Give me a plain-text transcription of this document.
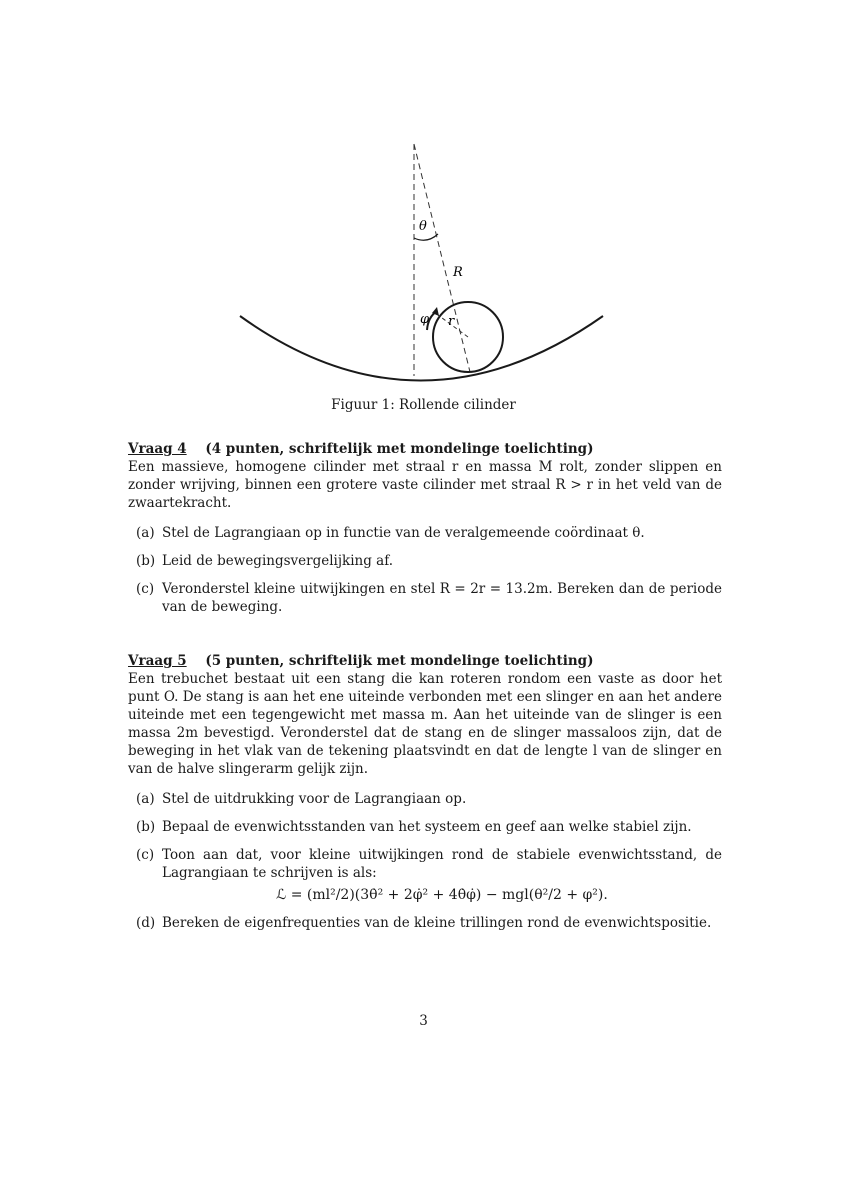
θ
R
r
φ
Figuur 1: Rollende cilinder
Vraag 4 (4 punten, schriftelijk met mondelinge toelichting)
Een massieve, homogene cilinder met straal r en massa M rolt, zonder slippen en zonder wrijving, binnen een grotere vaste cilinder met straal R > r in het veld van de zwaartekracht.
(a) Stel de Lagrangiaan op in functie van de veralgemeende coördinaat θ.
(b) Leid de bewegingsvergelijking af.
(c) Veronderstel kleine uitwijkingen en stel R = 2r = 13.2m. Bereken dan de periode van de beweging.
Vraag 5 (5 punten, schriftelijk met mondelinge toelichting)
Een trebuchet bestaat uit een stang die kan roteren rondom een vaste as door het punt O. De stang is aan het ene uiteinde verbonden met een slinger en aan het andere uiteinde met een tegengewicht met massa m. Aan het uiteinde van de slinger is een massa 2m bevestigd. Veronderstel dat de stang en de slinger massaloos zijn, dat de beweging in het vlak van de tekening plaatsvindt en dat de lengte l van de slinger en van de halve slingerarm gelijk zijn.
(a) Stel de uitdrukking voor de Lagrangiaan op.
(b) Bepaal de evenwichtsstanden van het systeem en geef aan welke stabiel zijn.
(c) Toon aan dat, voor kleine uitwijkingen rond de stabiele evenwichtsstand, de Lagrangiaan te schrijven is als:
ℒ = (ml²/2)(3θ̇² + 2φ̇² + 4θ̇φ̇) − mgl(θ²/2 + φ²).
(d) Bereken de eigenfrequenties van de kleine trillingen rond de evenwichtspositie.
3
